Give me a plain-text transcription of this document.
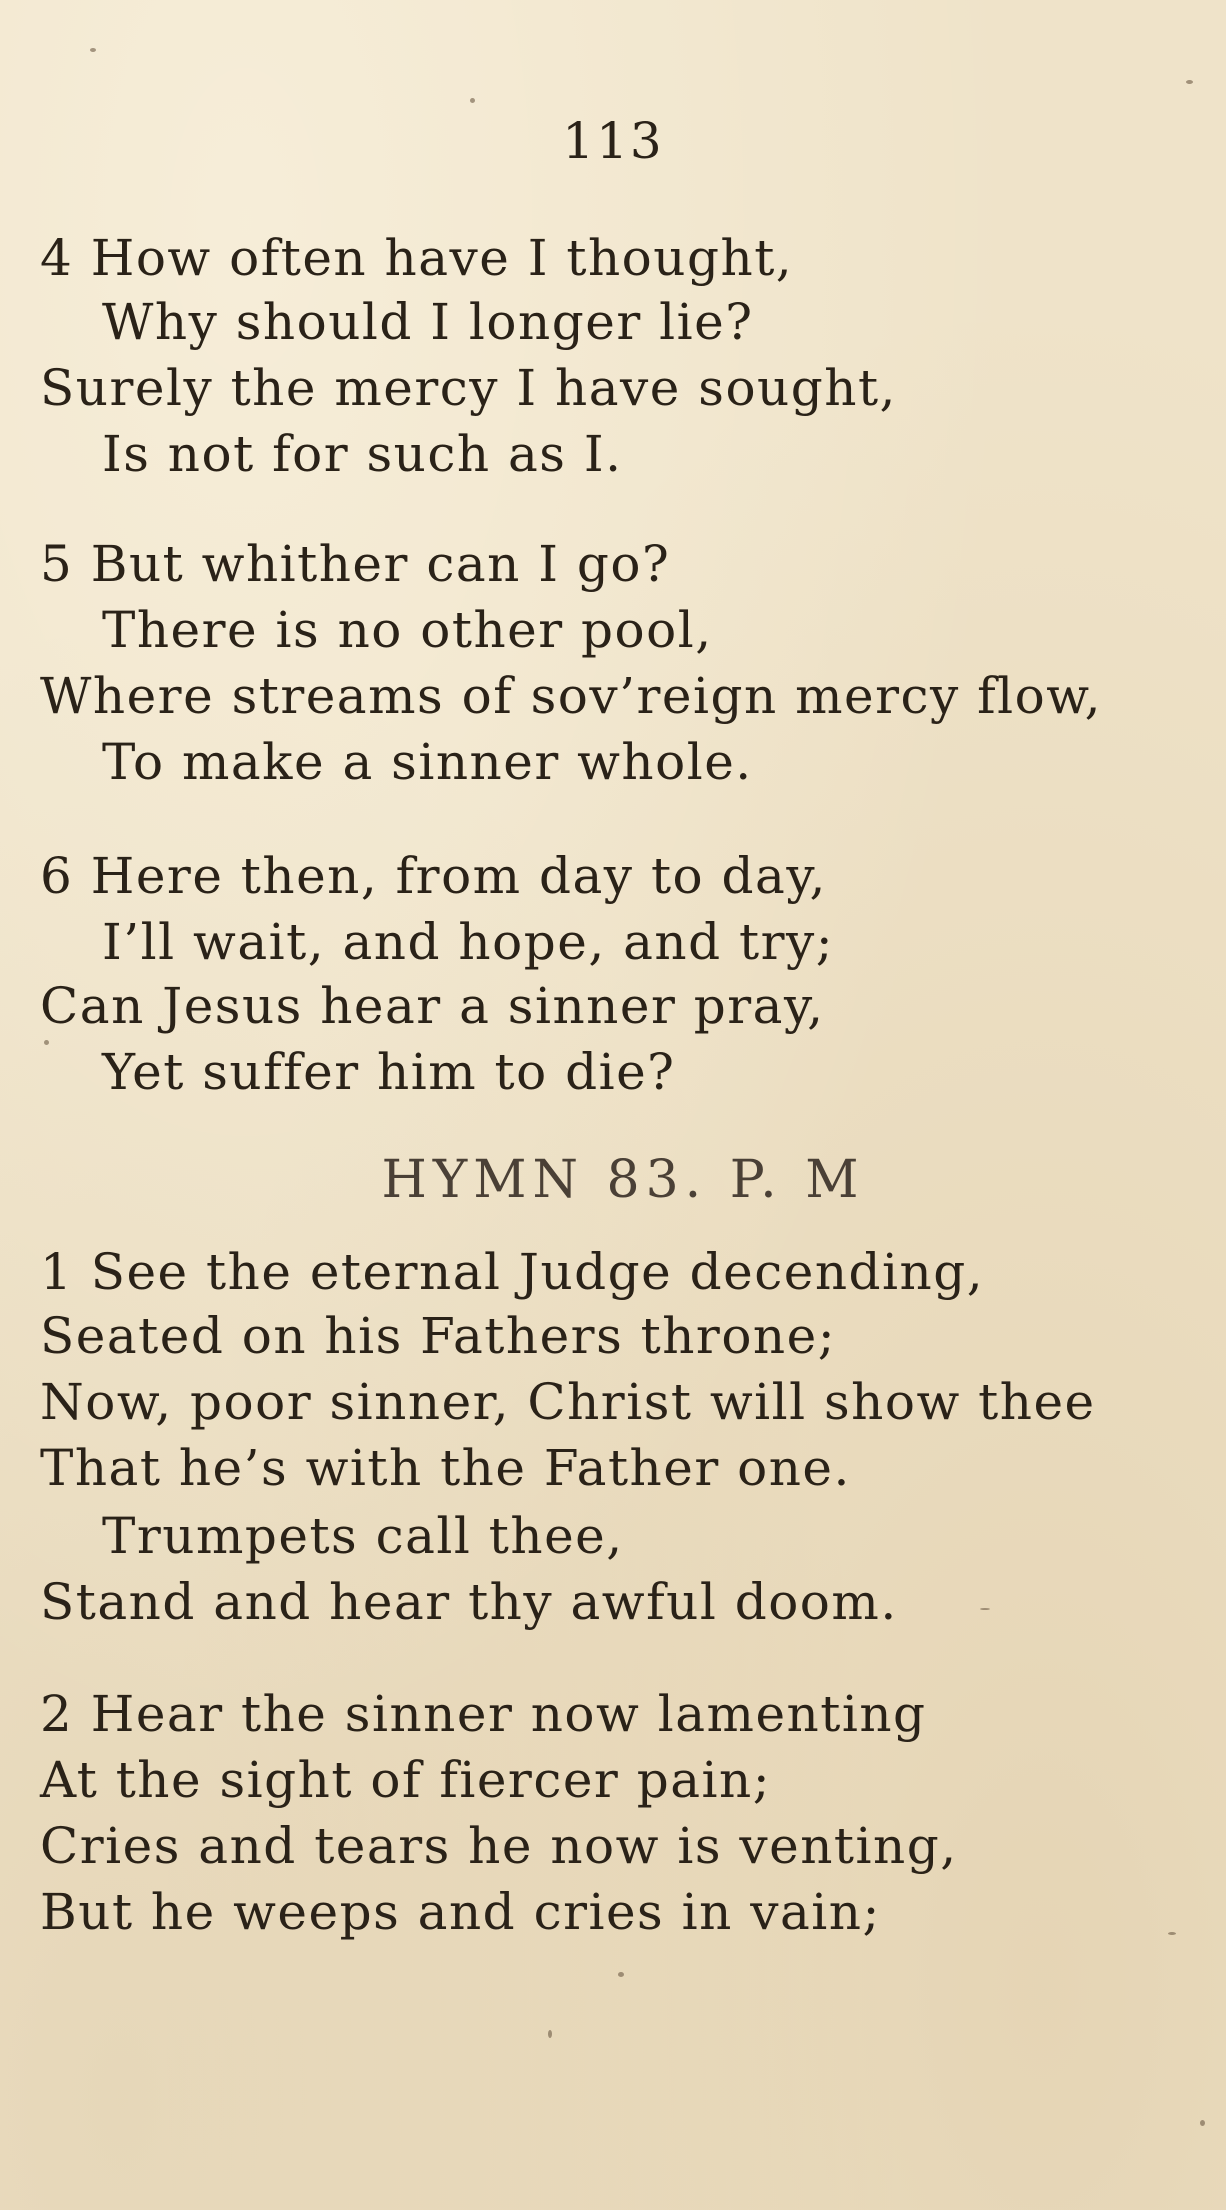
113
4 How often have I thought,
Why should I longer lie?
Surely the mercy I have sought,
Is not for such as I.
5 But whither can I go?
There is no other pool,
Where streams of sov’reign mercy flow,
To make a sinner whole.
6 Here then, from day to day,
I’ll wait, and hope, and try;
Can Jesus hear a sinner pray,
Yet suffer him to die?
HYMN 83. P. M
1 See the eternal Judge decending,
Seated on his Fathers throne;
Now, poor sinner, Christ will show thee
That he’s with the Father one.
Trumpets call thee,
Stand and hear thy awful doom.
2 Hear the sinner now lamenting
At the sight of fiercer pain;
Cries and tears he now is venting,
But he weeps and cries in vain;
